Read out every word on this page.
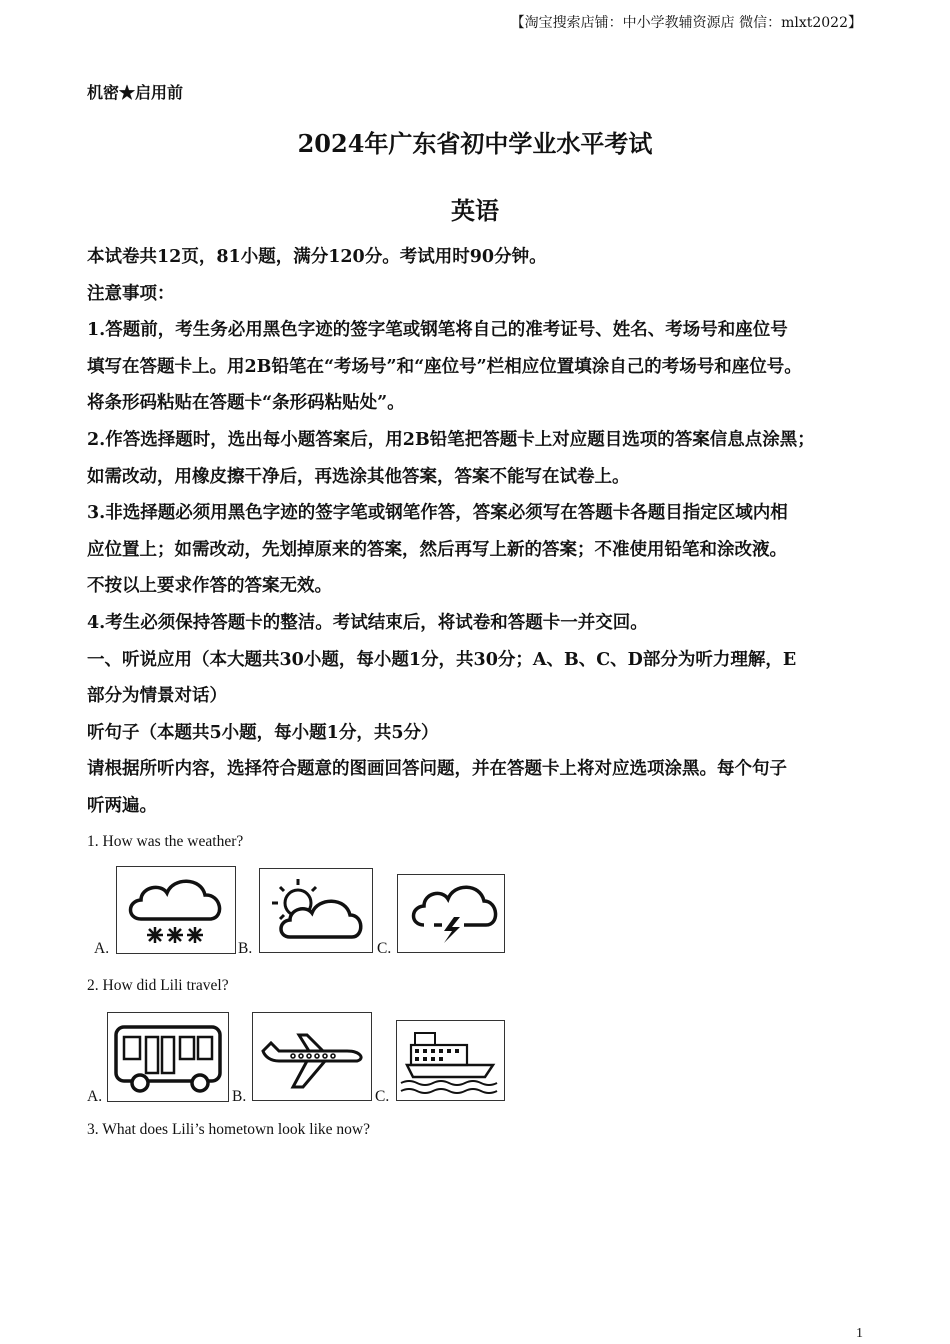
【淘宝搜索店铺：中小学教辅资源店 微信：mlxt2022】
机密★启用前
2024年广东省初中学业水平考试
英语
本试卷共12页，81小题，满分120分。考试用时90分钟。
注意事项：
1.答题前，考生务必用黑色字迹的签字笔或钢笔将自己的准考证号、姓名、考场号和座位号
填写在答题卡上。用2B铅笔在“考场号”和“座位号”栏相应位置填涂自己的考场号和座位号。
将条形码粘贴在答题卡“条形码粘贴处”。
2.作答选择题时，选出每小题答案后，用2B铅笔把答题卡上对应题目选项的答案信息点涂黑；
如需改动，用橡皮擦干净后，再选涂其他答案，答案不能写在试卷上。
3.非选择题必须用黑色字迹的签字笔或钢笔作答，答案必须写在答题卡各题目指定区域内相
应位置上；如需改动，先划掉原来的答案，然后再写上新的答案；不准使用铅笔和涂改液。
不按以上要求作答的答案无效。
4.考生必须保持答题卡的整洁。考试结束后，将试卷和答题卡一并交回。
一、听说应用（本大题共30小题，每小题1分，共30分；A、B、C、D部分为听力理解，E
部分为情景对话）
听句子（本题共5小题，每小题1分，共5分）
请根据所听内容，选择符合题意的图画回答问题，并在答题卡上将对应选项涂黑。每个句子
听两遍。
1. How was the weather?
A.	B.	C.
2. How did Lili travel?
A.	B.	C.
3. What does Lili’s hometown look like now?
1
